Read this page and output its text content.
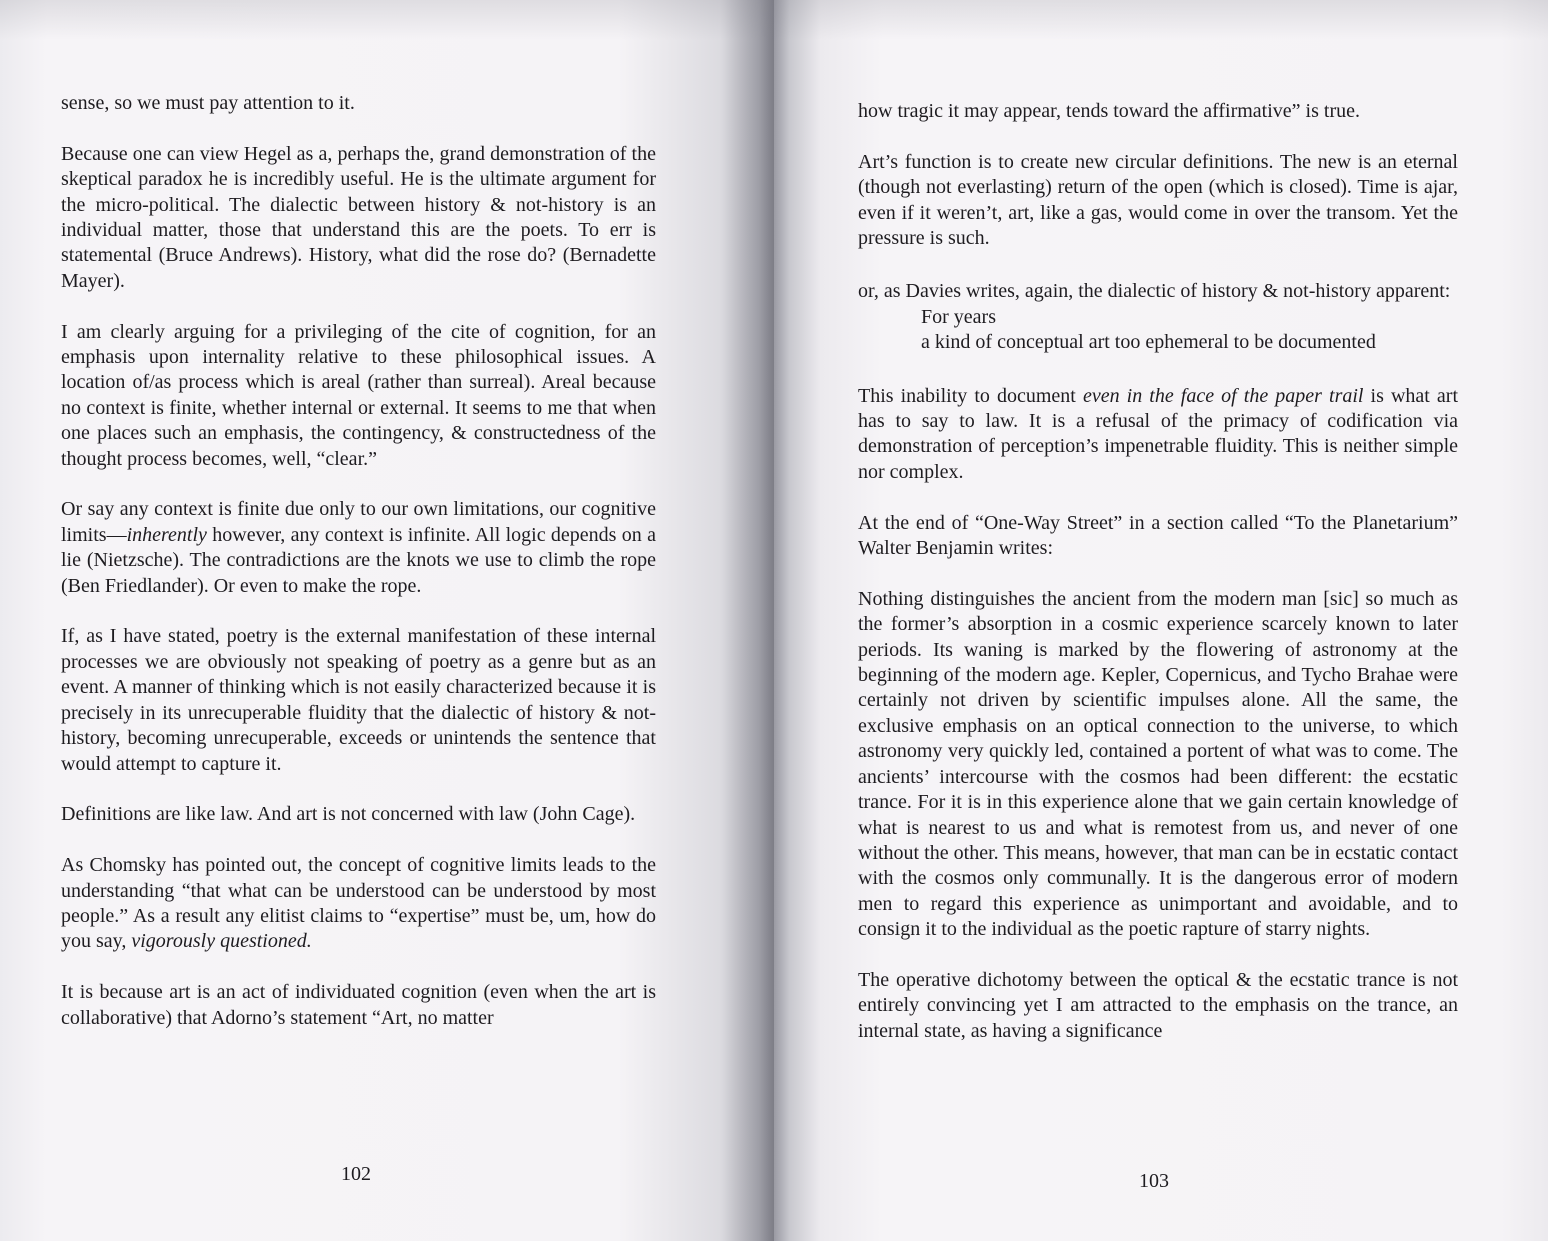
sense, so we must pay attention to it.

Because one can view Hegel as a, perhaps the, grand demonstration of the skeptical paradox he is incredibly useful. He is the ultimate argument for the micro-political. The dialectic between history & not-history is an individual matter, those that understand this are the poets. To err is statemental (Bruce Andrews). History, what did the rose do? (Bernadette Mayer).

I am clearly arguing for a privileging of the cite of cognition, for an emphasis upon internality relative to these philosophical issues. A location of/as process which is areal (rather than surreal). Areal because no context is finite, whether internal or external. It seems to me that when one places such an emphasis, the contingency, & constructedness of the thought process becomes, well, “clear.”

Or say any context is finite due only to our own limitations, our cognitive limits—inherently however, any context is infinite. All logic depends on a lie (Nietzsche). The contradictions are the knots we use to climb the rope (Ben Friedlander). Or even to make the rope.

If, as I have stated, poetry is the external manifestation of these internal processes we are obviously not speaking of poetry as a genre but as an event. A manner of thinking which is not easily characterized because it is precisely in its unrecuperable fluidity that the dialectic of history & not-history, becoming unrecuperable, exceeds or unintends the sentence that would attempt to capture it.

Definitions are like law. And art is not concerned with law (John Cage).

As Chomsky has pointed out, the concept of cognitive limits leads to the understanding “that what can be understood can be understood by most people.” As a result any elitist claims to “expertise” must be, um, how do you say, vigorously questioned.

It is because art is an act of individuated cognition (even when the art is collaborative) that Adorno’s statement “Art, no matter

102

how tragic it may appear, tends toward the affirmative” is true.

Art’s function is to create new circular definitions. The new is an eternal (though not everlasting) return of the open (which is closed). Time is ajar, even if it weren’t, art, like a gas, would come in over the transom. Yet the pressure is such.

or, as Davies writes, again, the dialectic of history & not-history apparent:

For years

a kind of conceptual art too ephemeral to be documented

This inability to document even in the face of the paper trail is what art has to say to law. It is a refusal of the primacy of codification via demonstration of perception’s impenetrable fluidity. This is neither simple nor complex.

At the end of “One-Way Street” in a section called “To the Planetarium” Walter Benjamin writes:

Nothing distinguishes the ancient from the modern man [sic] so much as the former’s absorption in a cosmic experience scarcely known to later periods. Its waning is marked by the flowering of astronomy at the beginning of the modern age. Kepler, Copernicus, and Tycho Brahae were certainly not driven by scientific impulses alone. All the same, the exclusive emphasis on an optical connection to the universe, to which astronomy very quickly led, contained a portent of what was to come. The ancients’ intercourse with the cosmos had been different: the ecstatic trance. For it is in this experience alone that we gain certain knowledge of what is nearest to us and what is remotest from us, and never of one without the other. This means, however, that man can be in ecstatic contact with the cosmos only communally. It is the dangerous error of modern men to regard this experience as unimportant and avoidable, and to consign it to the individual as the poetic rapture of starry nights.

The operative dichotomy between the optical & the ecstatic trance is not entirely convincing yet I am attracted to the emphasis on the trance, an internal state, as having a significance

103
